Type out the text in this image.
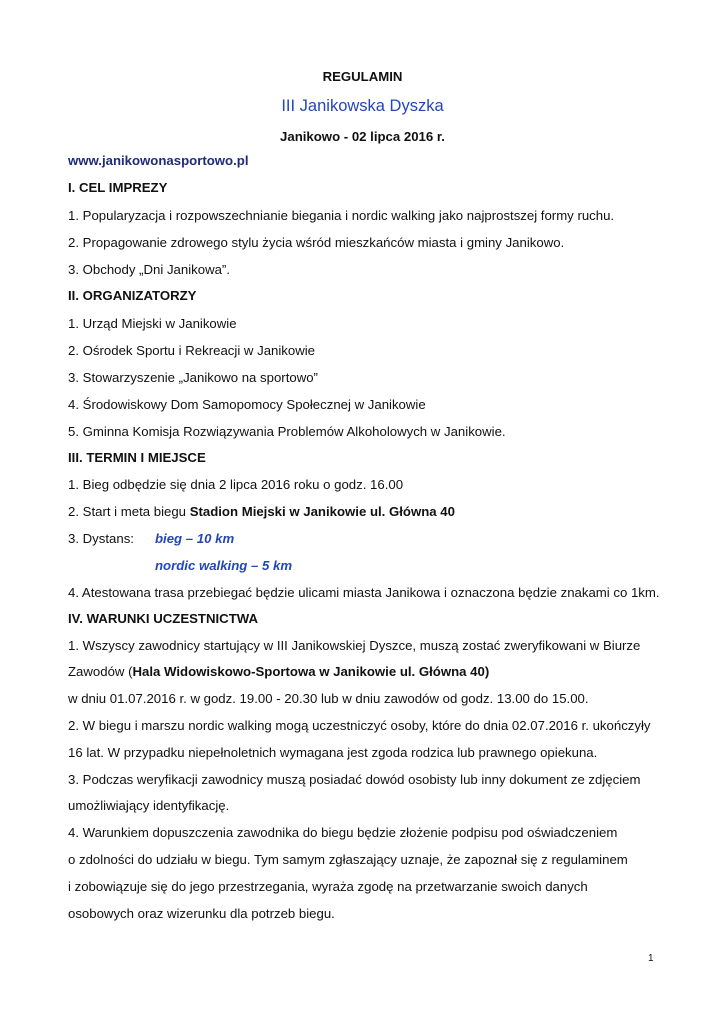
REGULAMIN
III Janikowska Dyszka
Janikowo - 02 lipca 2016 r.
www.janikowonasportowo.pl
I. CEL IMPREZY
1. Popularyzacja i rozpowszechnianie biegania i nordic walking jako najprostszej formy ruchu.
2. Propagowanie zdrowego stylu życia wśród mieszkańców miasta i gminy Janikowo.
3. Obchody „Dni Janikowa”.
II. ORGANIZATORZY
1. Urząd Miejski w Janikowie
2. Ośrodek Sportu i Rekreacji w Janikowie
3. Stowarzyszenie „Janikowo na sportowo”
4. Środowiskowy Dom Samopomocy Społecznej w Janikowie
5. Gminna Komisja Rozwiązywania Problemów Alkoholowych w Janikowie.
III. TERMIN I MIEJSCE
1. Bieg odbędzie się dnia 2 lipca 2016 roku o godz. 16.00
2. Start i meta biegu Stadion Miejski w Janikowie ul. Główna 40
3. Dystans: bieg – 10 km
nordic walking – 5 km
4. Atestowana trasa przebiegać będzie ulicami miasta Janikowa i oznaczona będzie znakami co 1km.
IV. WARUNKI UCZESTNICTWA
1. Wszyscy zawodnicy startujący w III Janikowskiej Dyszce, muszą zostać zweryfikowani w Biurze
Zawodów (Hala Widowiskowo-Sportowa w Janikowie ul. Główna 40)
w dniu 01.07.2016 r. w godz. 19.00 - 20.30 lub w dniu zawodów od godz. 13.00 do 15.00.
2. W biegu i marszu nordic walking mogą uczestniczyć osoby, które do dnia 02.07.2016 r. ukończyły
16 lat. W przypadku niepełnoletnich wymagana jest zgoda rodzica lub prawnego opiekuna.
3. Podczas weryfikacji zawodnicy muszą posiadać dowód osobisty lub inny dokument ze zdjęciem
umożliwiający identyfikację.
4. Warunkiem dopuszczenia zawodnika do biegu będzie złożenie podpisu pod oświadczeniem
o zdolności do udziału w biegu. Tym samym zgłaszający uznaje, że zapoznał się z regulaminem
i zobowiązuje się do jego przestrzegania, wyraża zgodę na przetwarzanie swoich danych
osobowych oraz wizerunku dla potrzeb biegu.
1
